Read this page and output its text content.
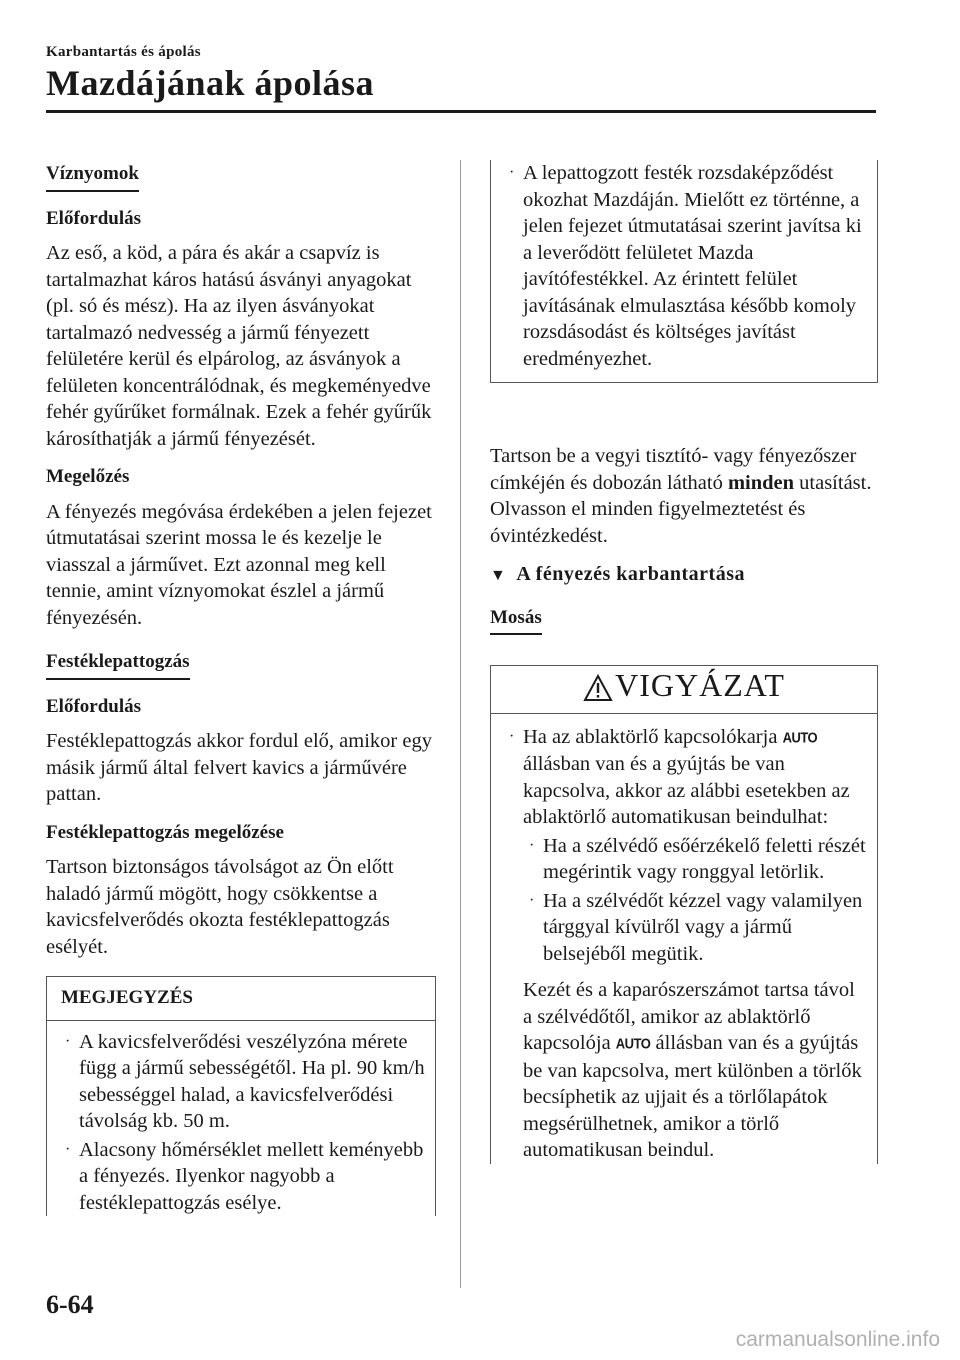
Karbantartás és ápolás
Mazdájának ápolása
Víznyomok
Előfordulás

Az eső, a köd, a pára és akár a csapvíz is tartalmazhat káros hatású ásványi anyagokat (pl. só és mész). Ha az ilyen ásványokat tartalmazó nedvesség a jármű fényezett felületére kerül és elpárolog, az ásványok a felületen koncentrálódnak, és megkeményedve fehér gyűrűket formálnak. Ezek a fehér gyűrűk károsíthatják a jármű fényezését.

Megelőzés

A fényezés megóvása érdekében a jelen fejezet útmutatásai szerint mossa le és kezelje le viasszal a járművet. Ezt azonnal meg kell tennie, amint víznyomokat észlel a jármű fényezésén.

Festéklepattogzás
Előfordulás

Festéklepattogzás akkor fordul elő, amikor egy másik jármű által felvert kavics a járművére pattan.

Festéklepattogzás megelőzése

Tartson biztonságos távolságot az Ön előtt haladó jármű mögött, hogy csökkentse a kavicsfelverődés okozta festéklepattogzás esélyét.

MEGJEGYZÉS
· A kavicsfelverődési veszélyzóna mérete függ a jármű sebességétől. Ha pl. 90 km/h sebességgel halad, a kavicsfelverődési távolság kb. 50 m.
· Alacsony hőmérséklet mellett keményebb a fényezés. Ilyenkor nagyobb a festéklepattogzás esélye.
· A lepattogzott festék rozsdaképződést okozhat Mazdáján. Mielőtt ez történne, a jelen fejezet útmutatásai szerint javítsa ki a leverődött felületet Mazda javítófestékkel. Az érintett felület javításának elmulasztása később komoly rozsdásodást és költséges javítást eredményezhet.

Tartson be a vegyi tisztító- vagy fényezőszer címkéjén és dobozán látható minden utasítást. Olvasson el minden figyelmeztetést és óvintézkedést.

▼ A fényezés karbantartása
Mosás
VIGYÁZAT
· Ha az ablaktörlő kapcsolókarja AUTO állásban van és a gyújtás be van kapcsolva, akkor az alábbi esetekben az ablaktörlő automatikusan beindulhat:
· Ha a szélvédő esőérzékelő feletti részét megérintik vagy ronggyal letörlik.
· Ha a szélvédőt kézzel vagy valamilyen tárggyal kívülről vagy a jármű belsejéből megütik.

Kezét és a kaparószerszámot tartsa távol a szélvédőtől, amikor az ablaktörlő kapcsolója AUTO állásban van és a gyújtás be van kapcsolva, mert különben a törlők becsíphetik az ujjait és a törlőlapátok megsérülhetnek, amikor a törlő automatikusan beindul.

6-64
carmanualsonline.info
